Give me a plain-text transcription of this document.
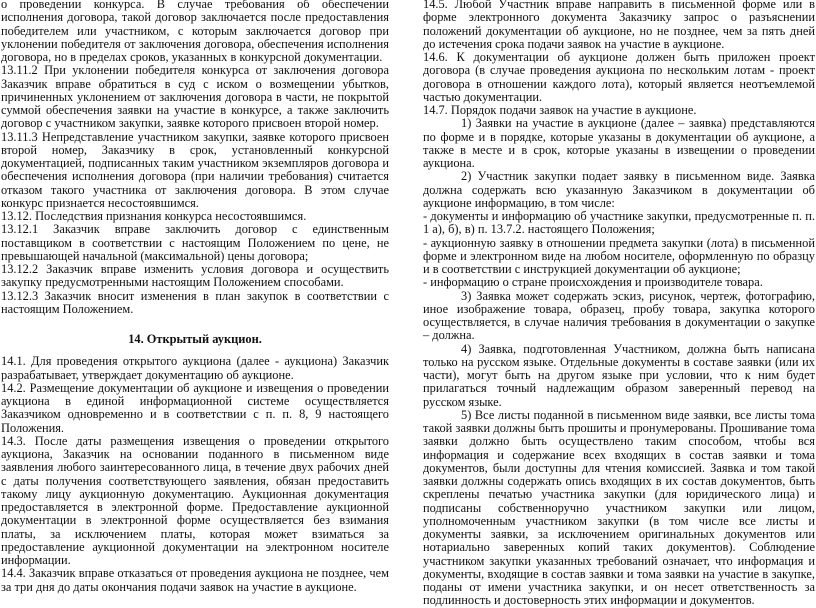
о проведении конкурса. В случае требования об обеспечении исполнения договора, такой договор заключается после предоставления победителем или участником, с которым заключается договор при уклонении победителя от заключения договора, обеспечения исполнения договора, но в пределах сроков, указанных в конкурсной документации.

13.11.2 При уклонении победителя конкурса от заключения договора Заказчик вправе обратиться в суд с иском о возмещении убытков, причиненных уклонением от заключения договора в части, не покрытой суммой обеспечения заявки на участие в конкурсе, а также заключить договор с участником закупки, заявке которого присвоен второй номер.

13.11.3 Непредставление участником закупки, заявке которого присвоен второй номер, Заказчику в срок, установленный конкурсной документацией, подписанных таким участником экземпляров договора и обеспечения исполнения договора (при наличии требования) считается отказом такого участника от заключения договора. В этом случае конкурс признается несостоявшимся.

13.12. Последствия признания конкурса несостоявшимся.

13.12.1 Заказчик вправе заключить договор с единственным поставщиком в соответствии с настоящим Положением по цене, не превышающей начальной (максимальной) цены договора;

13.12.2 Заказчик вправе изменить условия договора и осуществить закупку предусмотренными настоящим Положением способами.

13.12.3 Заказчик вносит изменения в план закупок в соответствии с настоящим Положением.

14. Открытый аукцион.

14.1. Для проведения открытого аукциона (далее - аукциона) Заказчик разрабатывает, утверждает документацию об аукционе.

14.2. Размещение документации об аукционе и извещения о проведении аукциона в единой информационной системе осуществляется Заказчиком одновременно и в соответствии с п. п. 8, 9 настоящего Положения.

14.3. После даты размещения извещения о проведении открытого аукциона, Заказчик на основании поданного в письменном виде заявления любого заинтересованного лица, в течение двух рабочих дней с даты получения соответствующего заявления, обязан предоставить такому лицу аукционную документацию. Аукционная документация предоставляется в электронной форме. Предоставление аукционной документации в электронной форме осуществляется без взимания платы, за исключением платы, которая может взиматься за предоставление аукционной документации на электронном носителе информации.

14.4. Заказчик вправе отказаться от проведения аукциона не позднее, чем за три дня до даты окончания подачи заявок на участие в аукционе.

14.5. Любой Участник вправе направить в письменной форме или в форме электронного документа Заказчику запрос о разъяснении положений документации об аукционе, но не позднее, чем за пять дней до истечения срока подачи заявок на участие в аукционе.

14.6. К документации об аукционе должен быть приложен проект договора (в случае проведения аукциона по нескольким лотам - проект договора в отношении каждого лота), который является неотъемлемой частью документации.

14.7. Порядок подачи заявок на участие в аукционе.

1) Заявки на участие в аукционе (далее – заявка) представляются по форме и в порядке, которые указаны в документации об аукционе, а также в месте и в срок, которые указаны в извещении о проведении аукциона.

2) Участник закупки подает заявку в письменном виде. Заявка должна содержать всю указанную Заказчиком в документации об аукционе информацию, в том числе:

- документы и информацию об участнике закупки, предусмотренные п. п. 1 а), б), в) п. 13.7.2. настоящего Положения;

- аукционную заявку в отношении предмета закупки (лота) в письменной форме и электронном виде на любом носителе, оформленную по образцу и в соответствии с инструкцией документации об аукционе;

- информацию о стране происхождения и производителе товара.

3) Заявка может содержать эскиз, рисунок, чертеж, фотографию, иное изображение товара, образец, пробу товара, закупка которого осуществляется, в случае наличия требования в документации о закупке – должна.

4) Заявка, подготовленная Участником, должна быть написана только на русском языке. Отдельные документы в составе заявки (или их части), могут быть на другом языке при условии, что к ним будет прилагаться точный надлежащим образом заверенный перевод на русском языке.

5) Все листы поданной в письменном виде заявки, все листы тома такой заявки должны быть прошиты и пронумерованы. Прошивание тома заявки должно быть осуществлено таким способом, чтобы вся информация и содержание всех входящих в состав заявки и тома документов, были доступны для чтения комиссией. Заявка и том такой заявки должны содержать опись входящих в их состав документов, быть скреплены печатью участника закупки (для юридического лица) и подписаны собственноручно участником закупки или лицом, уполномоченным участником закупки (в том числе все листы и документы заявки, за исключением оригинальных документов или нотариально заверенных копий таких документов). Соблюдение участником закупки указанных требований означает, что информация и документы, входящие в состав заявки и тома заявки на участие в закупке, поданы от имени участника закупки, и он несет ответственность за подлинность и достоверность этих информации и документов.
